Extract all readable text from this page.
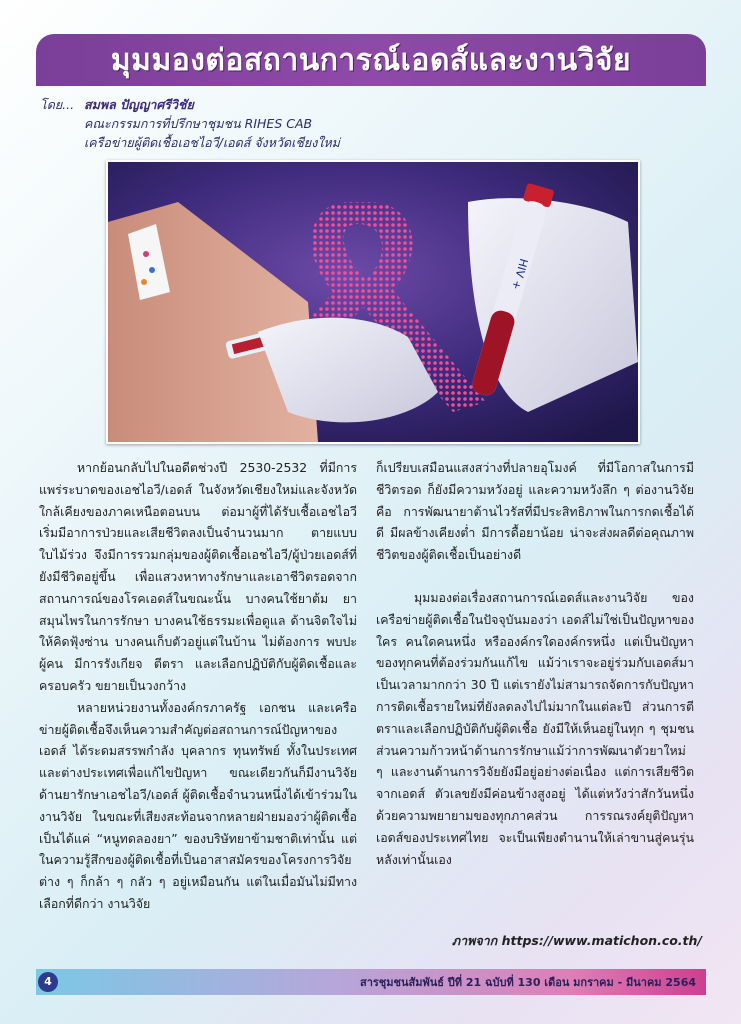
มุมมองต่อสถานการณ์เอดส์และงานวิจัย
โดย... สมพล ปัญญาศรีวิชัย
คณะกรรมการที่ปรึกษาชุมชน RIHES CAB
เครือข่ายผู้ติดเชื้อเอชไอวี/เอดส์ จังหวัดเชียงใหม่
HIV +

หากย้อนกลับไปในอดีตช่วงปี 2530-2532 ที่มีการแพร่ระบาดของเอชไอวี/เอดส์ ในจังหวัดเชียงใหม่และจังหวัดใกล้เคียงของภาคเหนือตอนบน ต่อมาผู้ที่ได้รับเชื้อเอชไอวีเริ่มมีอาการป่วยและเสียชีวิตลงเป็นจำนวนมาก ตายแบบใบไม้ร่วง จึงมีการรวมกลุ่มของผู้ติดเชื้อเอชไอวี/ผู้ป่วยเอดส์ที่ยังมีชีวิตอยู่ขึ้น เพื่อแสวงหาทางรักษาและเอาชีวิตรอดจากสถานการณ์ของโรคเอดส์ในขณะนั้น บางคนใช้ยาต้ม ยาสมุนไพรในการรักษา บางคนใช้ธรรมะเพื่อดูแล ด้านจิตใจไม่ให้คิดฟุ้งซ่าน บางคนเก็บตัวอยู่แต่ในบ้าน ไม่ต้องการ พบปะผู้คน มีการรังเกียจ ตีตรา และเลือกปฏิบัติกับผู้ติดเชื้อและครอบครัว ขยายเป็นวงกว้าง

หลายหน่วยงานทั้งองค์กรภาครัฐ เอกชน และเครือข่ายผู้ติดเชื้อจึงเห็นความสำคัญต่อสถานการณ์ปัญหาของเอดส์ ได้ระดมสรรพกำลัง บุคลากร ทุนทรัพย์ ทั้งในประเทศและต่างประเทศเพื่อแก้ไขปัญหา ขณะเดียวกันก็มีงานวิจัยด้านยารักษาเอชไอวี/เอดส์ ผู้ติดเชื้อจำนวนหนึ่งได้เข้าร่วมในงานวิจัย ในขณะที่เสียงสะท้อนจากหลายฝ่ายมองว่าผู้ติดเชื้อเป็นได้แค่ “หนูทดลองยา” ของบริษัทยาข้ามชาติเท่านั้น แต่ในความรู้สึกของผู้ติดเชื้อที่เป็นอาสาสมัครของโครงการวิจัยต่าง ๆ ก็กล้า ๆ กลัว ๆ อยู่เหมือนกัน แต่ในเมื่อมันไม่มีทางเลือกที่ดีกว่า งานวิจัย

ก็เปรียบเสมือนแสงสว่างที่ปลายอุโมงค์ ที่มีโอกาสในการมีชีวิตรอด ก็ยังมีความหวังอยู่ และความหวังลึก ๆ ต่องานวิจัยคือ การพัฒนายาต้านไวรัสที่มีประสิทธิภาพในการกดเชื้อได้ดี มีผลข้างเคียงต่ำ มีการดื้อยาน้อย น่าจะส่งผลดีต่อคุณภาพชีวิตของผู้ติดเชื้อเป็นอย่างดี

มุมมองต่อเรื่องสถานการณ์เอดส์และงานวิจัย ของเครือข่ายผู้ติดเชื้อในปัจจุบันมองว่า เอดส์ไม่ใช่เป็นปัญหาของใคร คนใดคนหนึ่ง หรือองค์กรใดองค์กรหนึ่ง แต่เป็นปัญหาของทุกคนที่ต้องร่วมกันแก้ไข แม้ว่าเราจะอยู่ร่วมกับเอดส์มาเป็นเวลามากกว่า 30 ปี แต่เรายังไม่สามารถจัดการกับปัญหาการติดเชื้อรายใหม่ที่ยังลดลงไปไม่มากในแต่ละปี ส่วนการตีตราและเลือกปฏิบัติกับผู้ติดเชื้อ ยังมีให้เห็นอยู่ในทุก ๆ ชุมชน ส่วนความก้าวหน้าด้านการรักษาแม้ว่าการพัฒนาตัวยาใหม่ ๆ และงานด้านการวิจัยยังมีอยู่อย่างต่อเนื่อง แต่การเสียชีวิตจากเอดส์ ตัวเลขยังมีค่อนข้างสูงอยู่ ได้แต่หวังว่าสักวันหนึ่ง ด้วยความพยายามของทุกภาคส่วน การรณรงค์ยุติปัญหาเอดส์ของประเทศไทย จะเป็นเพียงตำนานให้เล่าขานสู่คนรุ่นหลังเท่านั้นเอง

ภาพจาก https://www.matichon.co.th/
สารชุมชนสัมพันธ์ ปีที่ 21 ฉบับที่ 130 เดือน มกราคม - มีนาคม 2564
4
